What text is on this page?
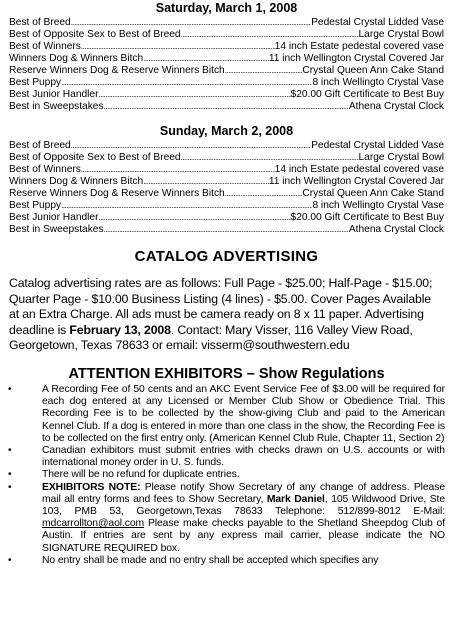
Saturday, March 1, 2008
Best of Breed .....	Pedestal Crystal Lidded Vase
Best of Opposite Sex to Best of Breed .....	Large Crystal Bowl
Best of Winners .....	14 inch Estate pedestal covered vase
Winners Dog & Winners Bitch .....	11 inch Wellington Crystal Covered Jar
Reserve Winners Dog & Reserve Winners Bitch .....	Crystal Queen Ann Cake Stand
Best Puppy .....	8 inch Wellingto Crystal Vase
Best Junior Handler .....	$20.00 Gift Certificate to Best Buy
Best in Sweepstakes .....	Athena Crystal Clock
Sunday, March 2, 2008
Best of Breed .....	Pedestal Crystal Lidded Vase
Best of Opposite Sex to Best of Breed .....	Large Crystal Bowl
Best of Winners .....	14 inch Estate pedestal covered vase
Winners Dog & Winners Bitch .....	11 inch Wellington Crystal Covered Jar
Reserve Winners Dog & Reserve Winners Bitch .....	Crystal Queen Ann Cake Stand
Best Puppy .....	8 inch Wellingto Crystal Vase
Best Junior Handler .....	$20.00 Gift Certificate to Best Buy
Best in Sweepstakes .....	Athena Crystal Clock
CATALOG ADVERTISING

Catalog advertising rates are as follows: Full Page - $25.00; Half-Page - $15.00; Quarter Page - $10.00 Business Listing (4 lines) - $5.00. Cover Pages Available at an Extra Charge. All ads must be camera ready on 8 x 11 paper. Advertising deadline is February 13, 2008. Contact: Mary Visser, 116 Valley View Road, Georgetown, Texas 78633 or email: visserm@southwestern.edu

ATTENTION EXHIBITORS – Show Regulations
•	A Recording Fee of 50 cents and an AKC Event Service Fee of $3.00 will be required for each dog entered at any Licensed or Member Club Show or Obedience Trial. This Recording Fee is to be collected by the show-giving Club and paid to the American Kennel Club. If a dog is entered in more than one class in the show, the Recording Fee is to be collected on the first entry only. (American Kennel Club Rule, Chapter 11, Section 2)
•	Canadian exhibitors must submit entries with checks drawn on U.S. accounts or with international money order in U. S. funds.
•	There will be no refund for duplicate entries.
•	EXHIBITORS NOTE: Please notify Show Secretary of any change of address. Please mail all entry forms and fees to Show Secretary, Mark Daniel, 105 Wildwood Drive, Ste 103, PMB 53, Georgetown,Texas 78633 Telephone: 512/899-8012 E-Mail: mdcarrollton@aol.com Please make checks payable to the Shetland Sheepdog Club of Austin. If entries are sent by any express mail carrier, please indicate the NO SIGNATURE REQUIRED box.
•	No entry shall be made and no entry shall be accepted which specifies any
